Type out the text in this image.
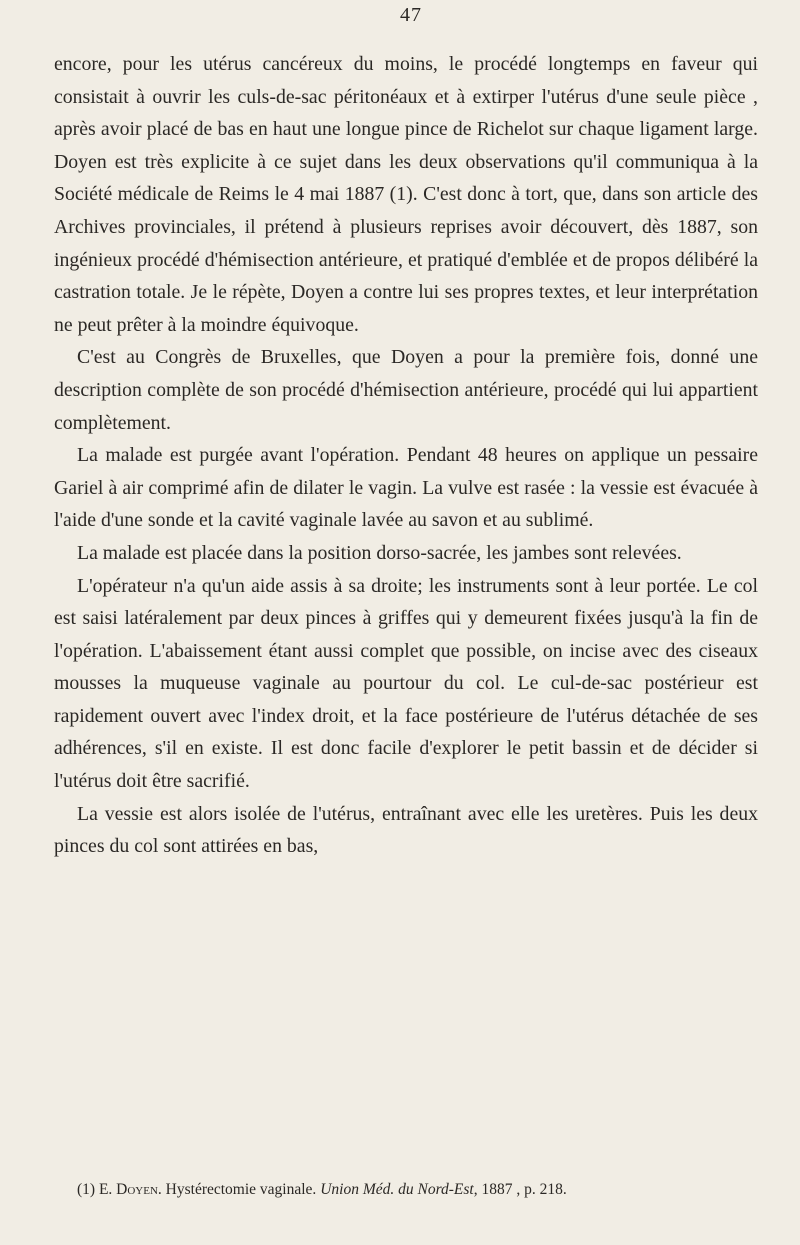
47

encore, pour les utérus cancéreux du moins, le procédé longtemps en faveur qui consistait à ouvrir les culs-de-sac péritonéaux et à extirper l'utérus d'une seule pièce , après avoir placé de bas en haut une longue pince de Richelot sur chaque ligament large. Doyen est très explicite à ce sujet dans les deux observations qu'il communiqua à la Société médicale de Reims le 4 mai 1887 (1). C'est donc à tort, que, dans son article des Archives provinciales, il prétend à plusieurs reprises avoir découvert, dès 1887, son ingénieux procédé d'hémisection antérieure, et pratiqué d'emblée et de propos délibéré la castration totale. Je le répète, Doyen a contre lui ses propres textes, et leur interprétation ne peut prêter à la moindre équivoque.

C'est au Congrès de Bruxelles, que Doyen a pour la première fois, donné une description complète de son procédé d'hémisection antérieure, procédé qui lui appartient complètement.

La malade est purgée avant l'opération. Pendant 48 heures on applique un pessaire Gariel à air comprimé afin de dilater le vagin. La vulve est rasée : la vessie est évacuée à l'aide d'une sonde et la cavité vaginale lavée au savon et au sublimé.

La malade est placée dans la position dorso-sacrée, les jambes sont relevées.

L'opérateur n'a qu'un aide assis à sa droite; les instruments sont à leur portée. Le col est saisi latéralement par deux pinces à griffes qui y demeurent fixées jusqu'à la fin de l'opération. L'abaissement étant aussi complet que possible, on incise avec des ciseaux mousses la muqueuse vaginale au pourtour du col. Le cul-de-sac postérieur est rapidement ouvert avec l'index droit, et la face postérieure de l'utérus détachée de ses adhérences, s'il en existe. Il est donc facile d'explorer le petit bassin et de décider si l'utérus doit être sacrifié.

La vessie est alors isolée de l'utérus, entraînant avec elle les uretères. Puis les deux pinces du col sont attirées en bas,

(1) E. Doyen. Hystérectomie vaginale. Union Méd. du Nord-Est, 1887 , p. 218.
